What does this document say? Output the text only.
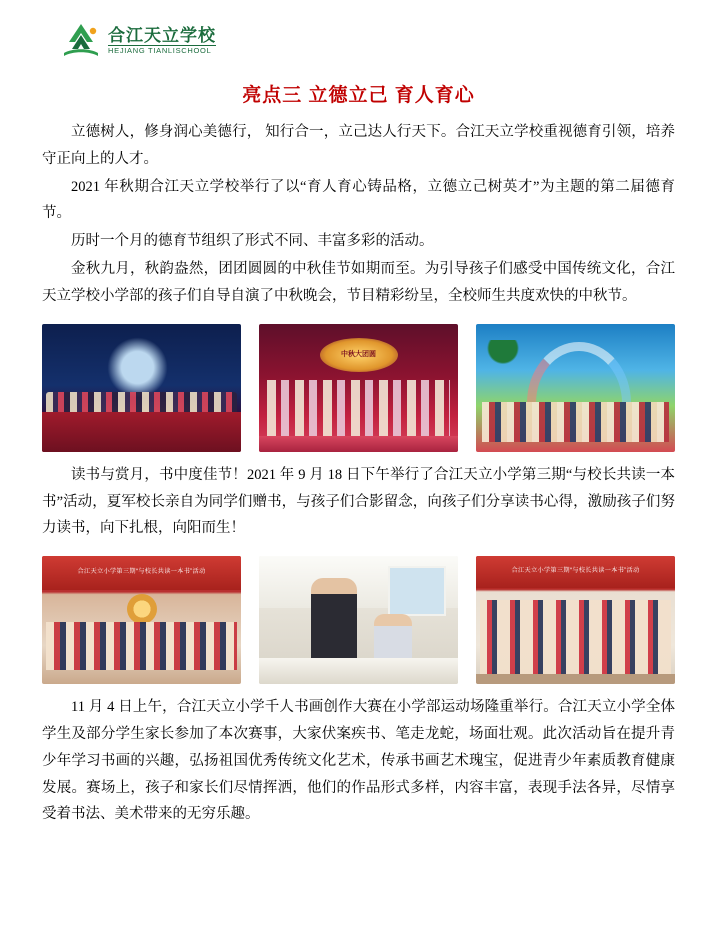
合江天立学校
HEJIANG TIANLISCHOOL
亮点三 立德立己 育人育心

立德树人，修身润心美德行， 知行合一，立己达人行天下。合江天立学校重视德育引领，培养守正向上的人才。

2021 年秋期合江天立学校举行了以“育人育心铸品格，立德立己树英才”为主题的第二届德育节。

历时一个月的德育节组织了形式不同、丰富多彩的活动。

金秋九月，秋韵盎然，团团圆圆的中秋佳节如期而至。为引导孩子们感受中国传统文化，合江天立学校小学部的孩子们自导自演了中秋晚会，节目精彩纷呈，全校师生共度欢快的中秋节。

中秋大团圆

读书与赏月，书中度佳节！2021 年 9 月 18 日下午举行了合江天立小学第三期“与校长共读一本书”活动，夏军校长亲自为同学们赠书，与孩子们合影留念，向孩子们分享读书心得，激励孩子们努力读书，向下扎根，向阳而生！

合江天立小学第三期“与校长共读一本书”活动	合江天立小学第三期“与校长共读一本书”活动

11 月 4 日上午，合江天立小学千人书画创作大赛在小学部运动场隆重举行。合江天立小学全体学生及部分学生家长参加了本次赛事，大家伏案疾书、笔走龙蛇，场面壮观。此次活动旨在提升青少年学习书画的兴趣，弘扬祖国优秀传统文化艺术，传承书画艺术瑰宝，促进青少年素质教育健康发展。赛场上，孩子和家长们尽情挥洒，他们的作品形式多样，内容丰富，表现手法各异，尽情享受着书法、美术带来的无穷乐趣。
